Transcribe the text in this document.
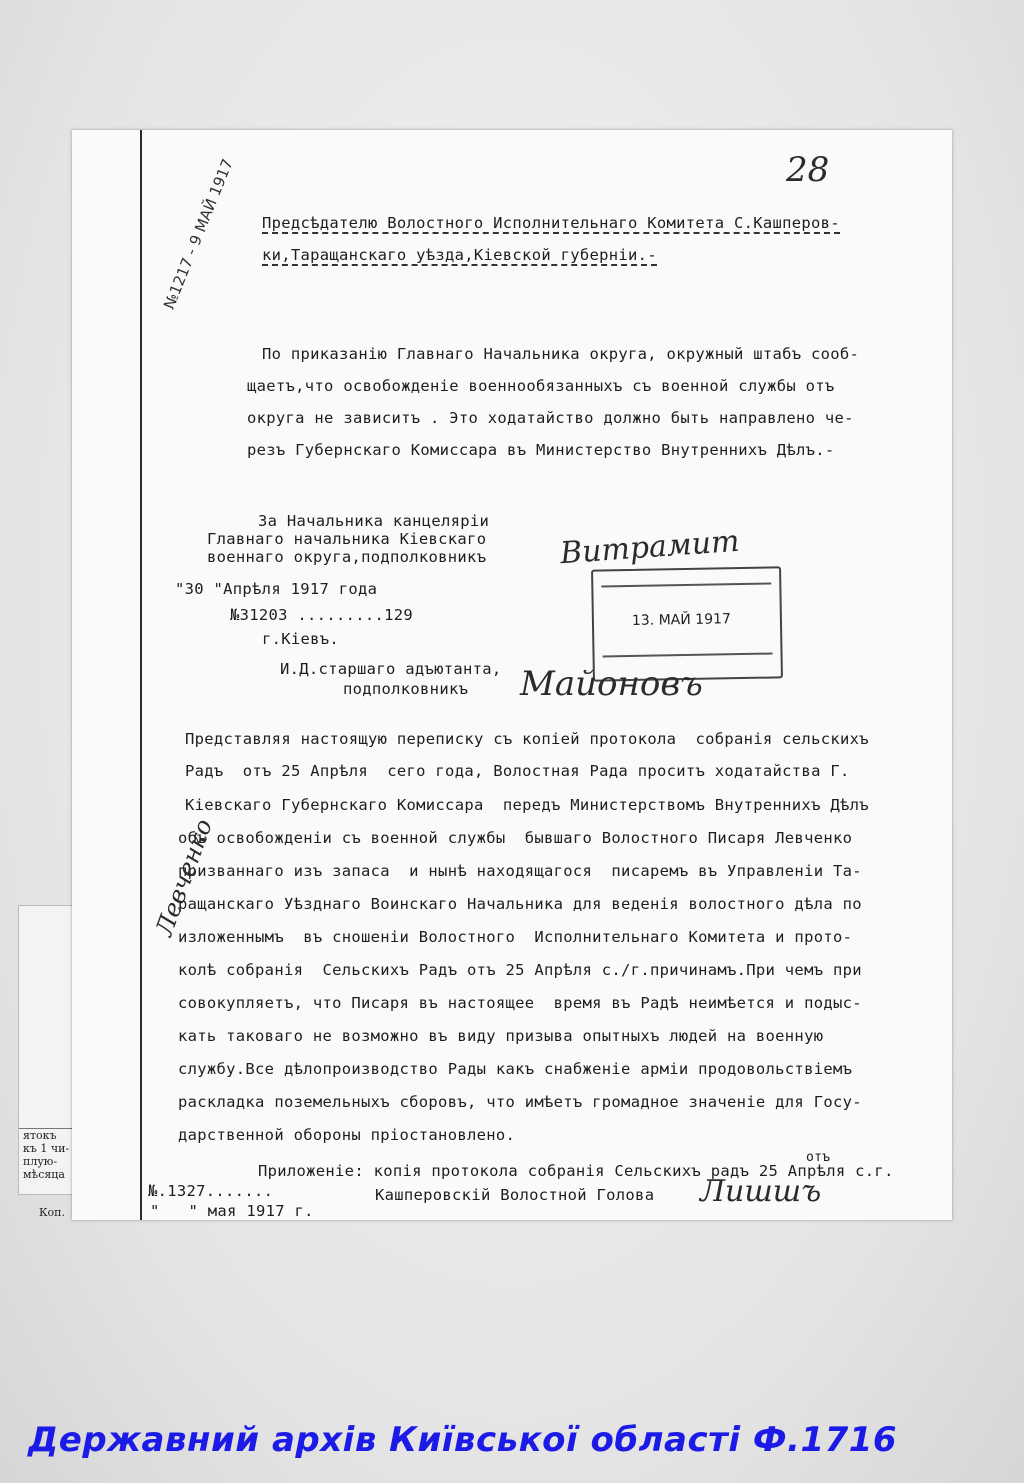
ятокъ
къ 1 чи-
плую-
мѣсяца
Коп.
28
№1217 - 9 МАЙ 1917 Предсѣдателю Волостного Исполнительнаго Комитета С.Кашперов-
ки,Таращанскаго уѣзда,Кіевской губерніи.-
По приказанію Главнаго Начальника округа, окружный штабъ сооб-
щаетъ,что освобожденіе военнообязанныхъ съ военной службы отъ
округа не зависитъ . Это ходатайство должно быть направлено че-
резъ Губернскаго Комиссара въ Министерство Внутреннихъ Дѣлъ.-
За Начальника канцеляріи
Главнаго начальника Кіевскаго
военнаго округа,подполковникъ Витрамит
"30 "Апрѣля 1917 года
№31203 .........129
г.Кіевъ.
13. МАЙ 1917
И.Д.старшаго адъютанта,
подполковникъ Майоновъ
Представляя настоящую переписку съ копіей протокола  собранія сельскихъ
Радъ  отъ 25 Апрѣля  сего года, Волостная Рада проситъ ходатайства Г.
Кіевскаго Губернскаго Комиссара  передъ Министерствомъ Внутреннихъ Дѣлъ
объ освобожденіи съ военной службы  бывшаго Волостного Писаря Левченко
призваннаго изъ запаса  и нынѣ находящагося  писаремъ въ Управленіи Та-
ращанскаго Уѣзднаго Воинскаго Начальника для веденія волостного дѣла по
изложеннымъ  въ сношеніи Волостного  Исполнительнаго Комитета и прото-
колѣ собранія  Сельскихъ Радъ отъ 25 Апрѣля с./г.причинамъ.При чемъ при
совокупляетъ, что Писаря въ настоящее  время въ Радѣ неимѣется и подыс-
кать таковаго не возможно въ виду призыва опытныхъ людей на военную
службу.Все дѣлопроизводство Рады какъ снабженіе арміи продовольствіемъ
раскладка поземельныхъ сборовъ, что имѣетъ громадное значеніе для Госу-
дарственной обороны пріостановлено.
Левченко
отъ
Приложеніе: копія протокола собранія Сельскихъ радъ 25 Апрѣля с.г.
№.1327.......	Кашперовскій Волостной Голова
"   " мая 1917 г.
Лишшъ
Державний архів Київської області Ф.1716
